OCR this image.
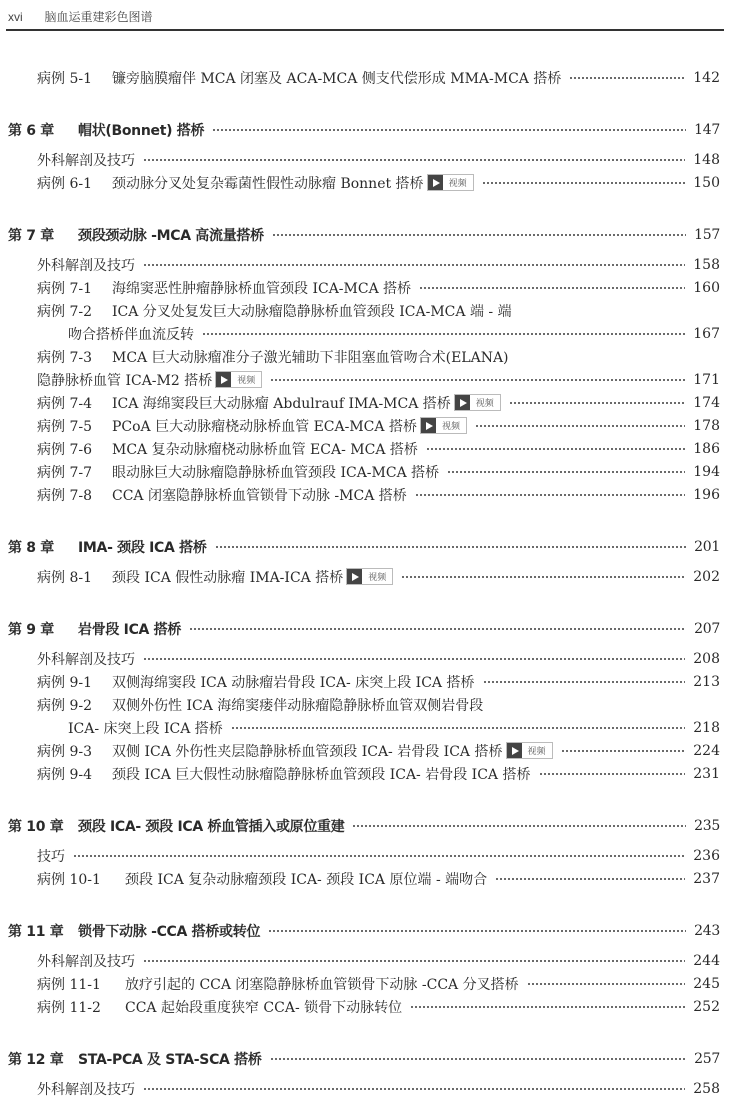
xvi 脑血运重建彩色图谱
病例 5-1	镰旁脑膜瘤伴 MCA 闭塞及 ACA-MCA 侧支代偿形成 MMA-MCA 搭桥	142
第 6 章	帽状(Bonnet) 搭桥	147
外科解剖及技巧	148
病例 6-1	颈动脉分叉处复杂霉菌性假性动脉瘤 Bonnet 搭桥	视频	150
第 7 章	颈段颈动脉 -MCA 高流量搭桥	157
外科解剖及技巧	158
病例 7-1	海绵窦恶性肿瘤静脉桥血管颈段 ICA-MCA 搭桥	160
病例 7-2	ICA 分叉处复发巨大动脉瘤隐静脉桥血管颈段 ICA-MCA 端 - 端
吻合搭桥伴血流反转	167
病例 7-3	MCA 巨大动脉瘤准分子激光辅助下非阻塞血管吻合术(ELANA)
隐静脉桥血管 ICA-M2 搭桥	视频	171
病例 7-4	ICA 海绵窦段巨大动脉瘤 Abdulrauf IMA-MCA 搭桥	视频	174
病例 7-5	PCoA 巨大动脉瘤桡动脉桥血管 ECA-MCA 搭桥	视频	178
病例 7-6	MCA 复杂动脉瘤桡动脉桥血管 ECA- MCA 搭桥	186
病例 7-7	眼动脉巨大动脉瘤隐静脉桥血管颈段 ICA-MCA 搭桥	194
病例 7-8	CCA 闭塞隐静脉桥血管锁骨下动脉 -MCA 搭桥	196
第 8 章	IMA- 颈段 ICA 搭桥	201
病例 8-1	颈段 ICA 假性动脉瘤 IMA-ICA 搭桥	视频	202
第 9 章	岩骨段 ICA 搭桥	207
外科解剖及技巧	208
病例 9-1	双侧海绵窦段 ICA 动脉瘤岩骨段 ICA- 床突上段 ICA 搭桥	213
病例 9-2	双侧外伤性 ICA 海绵窦瘘伴动脉瘤隐静脉桥血管双侧岩骨段
ICA- 床突上段 ICA 搭桥	218
病例 9-3	双侧 ICA 外伤性夹层隐静脉桥血管颈段 ICA- 岩骨段 ICA 搭桥	视频	224
病例 9-4	颈段 ICA 巨大假性动脉瘤隐静脉桥血管颈段 ICA- 岩骨段 ICA 搭桥	231
第 10 章	颈段 ICA- 颈段 ICA 桥血管插入或原位重建	235
技巧	236
病例 10-1	颈段 ICA 复杂动脉瘤颈段 ICA- 颈段 ICA 原位端 - 端吻合	237
第 11 章	锁骨下动脉 -CCA 搭桥或转位	243
外科解剖及技巧	244
病例 11-1	放疗引起的 CCA 闭塞隐静脉桥血管锁骨下动脉 -CCA 分叉搭桥	245
病例 11-2	CCA 起始段重度狭窄 CCA- 锁骨下动脉转位	252
第 12 章	STA-PCA 及 STA-SCA 搭桥	257
外科解剖及技巧	258
